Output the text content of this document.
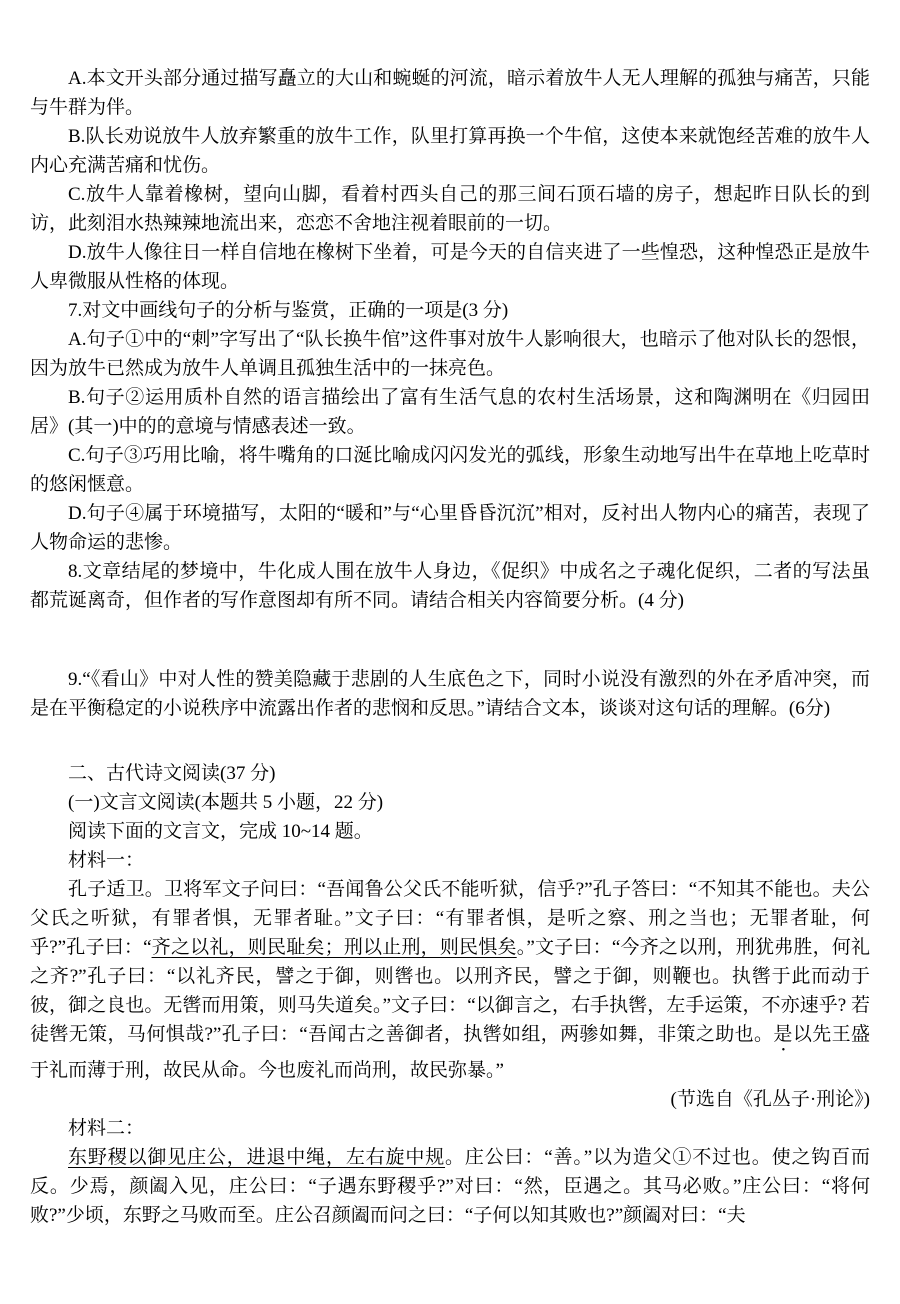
A.本文开头部分通过描写矗立的大山和蜿蜒的河流，暗示着放牛人无人理解的孤独与痛苦，只能与牛群为伴。

B.队长劝说放牛人放弃繁重的放牛工作，队里打算再换一个牛倌，这使本来就饱经苦难的放牛人内心充满苦痛和忧伤。

C.放牛人靠着橡树，望向山脚，看着村西头自己的那三间石顶石墙的房子，想起昨日队长的到访，此刻泪水热辣辣地流出来，恋恋不舍地注视着眼前的一切。

D.放牛人像往日一样自信地在橡树下坐着，可是今天的自信夹进了一些惶恐，这种惶恐正是放牛人卑微服从性格的体现。

7.对文中画线句子的分析与鉴赏，正确的一项是(3 分)

A.句子①中的“刺”字写出了“队长换牛倌”这件事对放牛人影响很大，也暗示了他对队长的怨恨，因为放牛已然成为放牛人单调且孤独生活中的一抹亮色。

B.句子②运用质朴自然的语言描绘出了富有生活气息的农村生活场景，这和陶渊明在《归园田居》(其一)中的的意境与情感表述一致。

C.句子③巧用比喻，将牛嘴角的口涎比喻成闪闪发光的弧线，形象生动地写出牛在草地上吃草时的悠闲惬意。

D.句子④属于环境描写，太阳的“暖和”与“心里昏昏沉沉”相对，反衬出人物内心的痛苦，表现了人物命运的悲惨。

8.文章结尾的梦境中，牛化成人围在放牛人身边，《促织》中成名之子魂化促织，二者的写法虽都荒诞离奇，但作者的写作意图却有所不同。请结合相关内容简要分析。(4 分)

9.“《看山》中对人性的赞美隐藏于悲剧的人生底色之下，同时小说没有激烈的外在矛盾冲突，而是在平衡稳定的小说秩序中流露出作者的悲悯和反思。”请结合文本，谈谈对这句话的理解。(6分)

二、古代诗文阅读(37 分)

(一)文言文阅读(本题共 5 小题，22 分)

阅读下面的文言文，完成 10~14 题。

材料一：

孔子适卫。卫将军文子问曰：“吾闻鲁公父氏不能听狱，信乎?”孔子答曰：“不知其不能也。夫公父氏之听狱，有罪者惧，无罪者耻。”文子曰：“有罪者惧，是听之察、刑之当也；无罪者耻，何乎?”孔子曰：“齐之以礼，则民耻矣；刑以止刑，则民惧矣。”文子曰：“今齐之以刑，刑犹弗胜，何礼之齐?”孔子曰：“以礼齐民，譬之于御，则辔也。以刑齐民，譬之于御，则鞭也。执辔于此而动于彼，御之良也。无辔而用策，则马失道矣。”文子曰：“以御言之，右手执辔，左手运策，不亦速乎? 若徒辔无策，马何惧哉?”孔子曰：“吾闻古之善御者，执辔如组，两骖如舞，非策之助也。是以先王盛于礼而薄于刑，故民从命。今也废礼而尚刑，故民弥暴。”

(节选自《孔丛子·刑论》)

材料二：

东野稷以御见庄公，进退中绳，左右旋中规。庄公曰：“善。”以为造父①不过也。使之钩百而反。少焉，颜阖入见，庄公曰：“子遇东野稷乎?”对曰：“然，臣遇之。其马必败。”庄公曰：“将何败?”少顷，东野之马败而至。庄公召颜阖而问之曰：“子何以知其败也?”颜阖对曰：“夫
